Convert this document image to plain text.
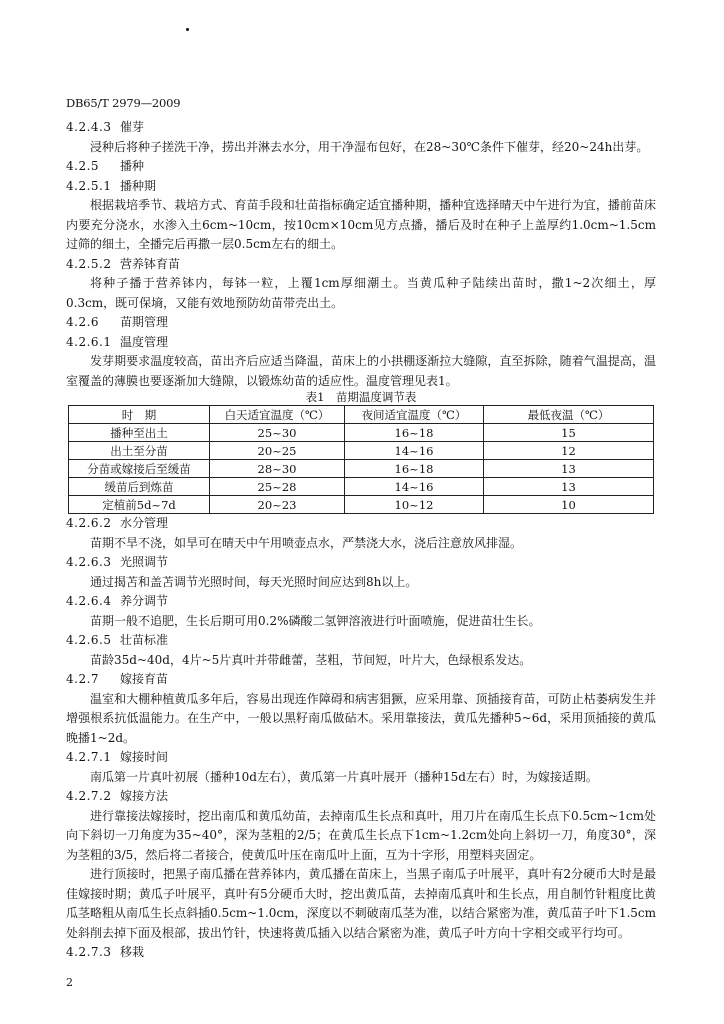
DB65/T 2979—2009
4.2.4.3 催芽
浸种后将种子搓洗干净，捞出并淋去水分，用干净湿布包好，在28~30℃条件下催芽，经20~24h出芽。
4.2.5 播种
4.2.5.1 播种期
根据栽培季节、栽培方式、育苗手段和壮苗指标确定适宜播种期，播种宜选择晴天中午进行为宜，播前苗床内要充分浇水，水渗入土6cm~10cm，按10cm×10cm见方点播，播后及时在种子上盖厚约1.0cm~1.5cm过筛的细土，全播完后再撒一层0.5cm左右的细土。
4.2.5.2 营养钵育苗
将种子播于营养钵内，每钵一粒，上覆1cm厚细潮土。当黄瓜种子陆续出苗时，撒1~2次细土，厚0.3cm，既可保墒，又能有效地预防幼苗带壳出土。
4.2.6 苗期管理
4.2.6.1 温度管理
发芽期要求温度较高，苗出齐后应适当降温，苗床上的小拱棚逐渐拉大缝隙，直至拆除，随着气温提高，温室覆盖的薄膜也要逐渐加大缝隙，以锻炼幼苗的适应性。温度管理见表1。
表1　苗期温度调节表
时　期	白天适宜温度（℃）	夜间适宜温度（℃）	最低夜温（℃）
播种至出土	25~30	16~18	15
出土至分苗	20~25	14~16	12
分苗或嫁接后至缓苗	28~30	16~18	13
缓苗后到炼苗	25~28	14~16	13
定植前5d~7d	20~23	10~12	10
4.2.6.2 水分管理
苗期不旱不浇，如旱可在晴天中午用喷壶点水，严禁浇大水，浇后注意放风排湿。
4.2.6.3 光照调节
通过揭苫和盖苫调节光照时间，每天光照时间应达到8h以上。
4.2.6.4 养分调节
苗期一般不追肥，生长后期可用0.2%磷酸二氢钾溶液进行叶面喷施，促进苗壮生长。
4.2.6.5 壮苗标准
苗龄35d~40d，4片~5片真叶并带雌蕾，茎粗，节间短，叶片大，色绿根系发达。
4.2.7 嫁接育苗
温室和大棚种植黄瓜多年后，容易出现连作障碍和病害猖獗，应采用靠、顶插接育苗，可防止枯萎病发生并增强根系抗低温能力。在生产中，一般以黑籽南瓜做砧木。采用靠接法，黄瓜先播种5~6d，采用顶插接的黄瓜晚播1~2d。
4.2.7.1 嫁接时间
南瓜第一片真叶初展（播种10d左右），黄瓜第一片真叶展开（播种15d左右）时，为嫁接适期。
4.2.7.2 嫁接方法
进行靠接法嫁接时，挖出南瓜和黄瓜幼苗，去掉南瓜生长点和真叶，用刀片在南瓜生长点下0.5cm~1cm处向下斜切一刀角度为35~40°，深为茎粗的2/5；在黄瓜生长点下1cm~1.2cm处向上斜切一刀，角度30°，深为茎粗的3/5，然后将二者接合，使黄瓜叶压在南瓜叶上面，互为十字形，用塑料夹固定。
进行顶接时，把黑子南瓜播在营养钵内，黄瓜播在苗床上，当黑子南瓜子叶展平，真叶有2分硬币大时是最佳嫁接时期；黄瓜子叶展平，真叶有5分硬币大时，挖出黄瓜苗，去掉南瓜真叶和生长点，用自制竹针粗度比黄瓜茎略粗从南瓜生长点斜插0.5cm~1.0cm，深度以不刺破南瓜茎为准，以结合紧密为准，黄瓜苗子叶下1.5cm处斜削去掉下面及根部，拔出竹针，快速将黄瓜插入以结合紧密为准，黄瓜子叶方向十字相交或平行均可。
4.2.7.3 移栽
2
